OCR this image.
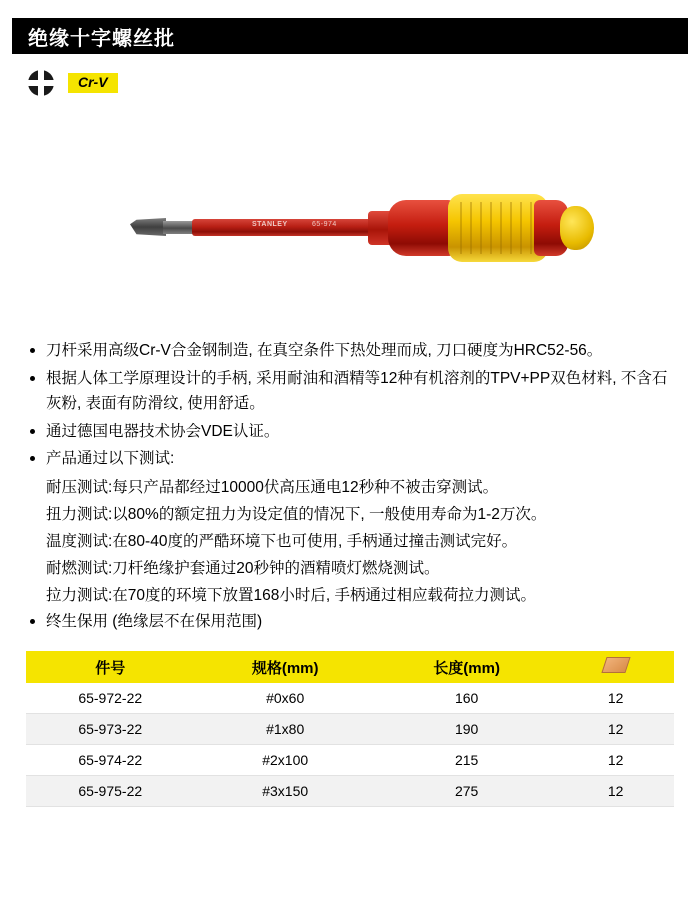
绝缘十字螺丝批
Cr-V
STANLEY	65-974
刀杆采用高级Cr-V合金钢制造, 在真空条件下热处理而成, 刀口硬度为HRC52-56。
根据人体工学原理设计的手柄, 采用耐油和酒精等12种有机溶剂的TPV+PP双色材料, 不含石灰粉, 表面有防滑纹, 使用舒适。
通过德国电器技术协会VDE认证。
产品通过以下测试:
耐压测试:每只产品都经过10000伏高压通电12秒种不被击穿测试。
扭力测试:以80%的额定扭力为设定值的情况下, 一般使用寿命为1-2万次。
温度测试:在80-40度的严酷环境下也可使用, 手柄通过撞击测试完好。
耐燃测试:刀杆绝缘护套通过20秒钟的酒精喷灯燃烧测试。
拉力测试:在70度的环境下放置168小时后, 手柄通过相应载荷拉力测试。
终生保用 (绝缘层不在保用范围)
件号	规格(mm)	长度(mm)	
65-972-22	#0x60	160	12
65-973-22	#1x80	190	12
65-974-22	#2x100	215	12
65-975-22	#3x150	275	12
